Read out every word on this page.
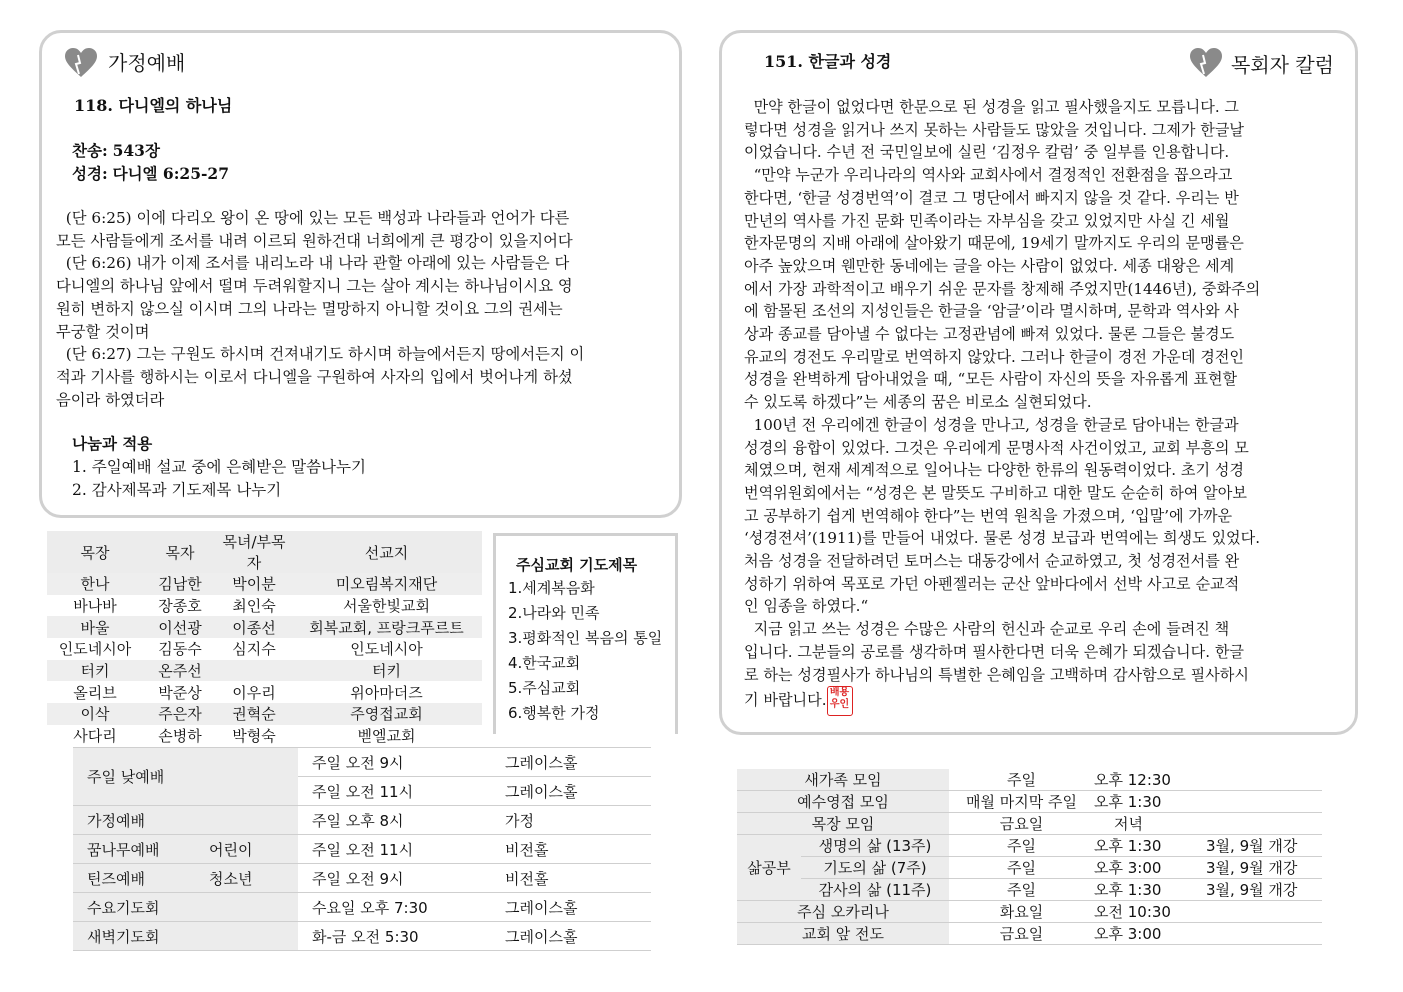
가정예배
118. 다니엘의 하나님
찬송: 543장
성경: 다니엘 6:25-27
(단 6:25) 이에 다리오 왕이 온 땅에 있는 모든 백성과 나라들과 언어가 다른
모든 사람들에게 조서를 내려 이르되 원하건대 너희에게 큰 평강이 있을지어다
(단 6:26) 내가 이제 조서를 내리노라 내 나라 관할 아래에 있는 사람들은 다
다니엘의 하나님 앞에서 떨며 두려워할지니 그는 살아 계시는 하나님이시요 영
원히 변하지 않으실 이시며 그의 나라는 멸망하지 아니할 것이요 그의 권세는
무궁할 것이며
(단 6:27) 그는 구원도 하시며 건져내기도 하시며 하늘에서든지 땅에서든지 이
적과 기사를 행하시는 이로서 다니엘을 구원하여 사자의 입에서 벗어나게 하셨
음이라 하였더라
나눔과 적용
1. 주일예배 설교 중에 은혜받은 말씀나누기
2. 감사제목과 기도제목 나누기
목장	목자	목녀/부목자	선교지
한나	김남한	박이분	미오림복지재단
바나바	장종호	최인숙	서울한빛교회
바울	이선광	이종선	회복교회, 프랑크푸르트
인도네시아	김동수	심지수	인도네시아
터키	온주선		터키
올리브	박준상	이우리	위아마더즈
이삭	주은자	권혁순	주영접교회
사다리	손병하	박형숙	벧엘교회
주심교회 기도제목
1.세계복음화
2.나라와 민족
3.평화적인 복음의 통일
4.한국교회
5.주심교회
6.행복한 가정
주일 낮예배		주일 오전 9시	그레이스홀
		주일 오전 11시	그레이스홀
가정예배		주일 오후 8시	가정
꿈나무예배	어린이	주일 오전 11시	비전홀
틴즈예배	청소년	주일 오전 9시	비전홀
수요기도회		수요일 오후 7:30	그레이스홀
새벽기도회		화-금 오전 5:30	그레이스홀
151. 한글과 성경	목회자 칼럼
만약 한글이 없었다면 한문으로 된 성경을 읽고 필사했을지도 모릅니다. 그
렇다면 성경을 읽거나 쓰지 못하는 사람들도 많았을 것입니다. 그제가 한글날
이었습니다. 수년 전 국민일보에 실린 ‘김정우 칼럼’ 중 일부를 인용합니다.
“만약 누군가 우리나라의 역사와 교회사에서 결정적인 전환점을 꼽으라고
한다면, ‘한글 성경번역’이 결코 그 명단에서 빠지지 않을 것 같다. 우리는 반
만년의 역사를 가진 문화 민족이라는 자부심을 갖고 있었지만 사실 긴 세월
한자문명의 지배 아래에 살아왔기 때문에, 19세기 말까지도 우리의 문맹률은
아주 높았으며 웬만한 동네에는 글을 아는 사람이 없었다. 세종 대왕은 세계
에서 가장 과학적이고 배우기 쉬운 문자를 창제해 주었지만(1446년), 중화주의
에 함몰된 조선의 지성인들은 한글을 ‘암글’이라 멸시하며, 문학과 역사와 사
상과 종교를 담아낼 수 없다는 고정관념에 빠져 있었다. 물론 그들은 불경도
유교의 경전도 우리말로 번역하지 않았다. 그러나 한글이 경전 가운데 경전인
성경을 완벽하게 담아내었을 때, “모든 사람이 자신의 뜻을 자유롭게 표현할
수 있도록 하겠다”는 세종의 꿈은 비로소 실현되었다.
100년 전 우리에겐 한글이 성경을 만나고, 성경을 한글로 담아내는 한글과
성경의 융합이 있었다. 그것은 우리에게 문명사적 사건이었고, 교회 부흥의 모
체였으며, 현재 세계적으로 일어나는 다양한 한류의 원동력이었다. 초기 성경
번역위원회에서는 “성경은 본 말뜻도 구비하고 대한 말도 순순히 하여 알아보
고 공부하기 쉽게 번역해야 한다”는 번역 원칙을 가졌으며, ‘입말’에 가까운
‘셩경젼셔’(1911)를 만들어 내었다. 물론 성경 보급과 번역에는 희생도 있었다.
처음 성경을 전달하려던 토머스는 대동강에서 순교하였고, 첫 성경전서를 완
성하기 위하여 목포로 가던 아펜젤러는 군산 앞바다에서 선박 사고로 순교적
인 임종을 하였다.“
지금 읽고 쓰는 성경은 수많은 사람의 헌신과 순교로 우리 손에 들려진 책
입니다. 그분들의 공로를 생각하며 필사한다면 더욱 은혜가 되겠습니다. 한글
로 하는 성경필사가 하나님의 특별한 은혜임을 고백하며 감사함으로 필사하시
기 바랍니다. 배용
우인
새가족 모임		주일	오후 12:30	
예수영접 모임		매월 마지막 주일	오후 1:30	
목장 모임		금요일	저녁	
삶공부	생명의 삶 (13주)	주일	오후 1:30	3월, 9월 개강
	기도의 삶 (7주)	주일	오후 3:00	3월, 9월 개강
	감사의 삶 (11주)	주일	오후 1:30	3월, 9월 개강
주심 오카리나		화요일	오전 10:30	
교회 앞 전도		금요일	오후 3:00	
